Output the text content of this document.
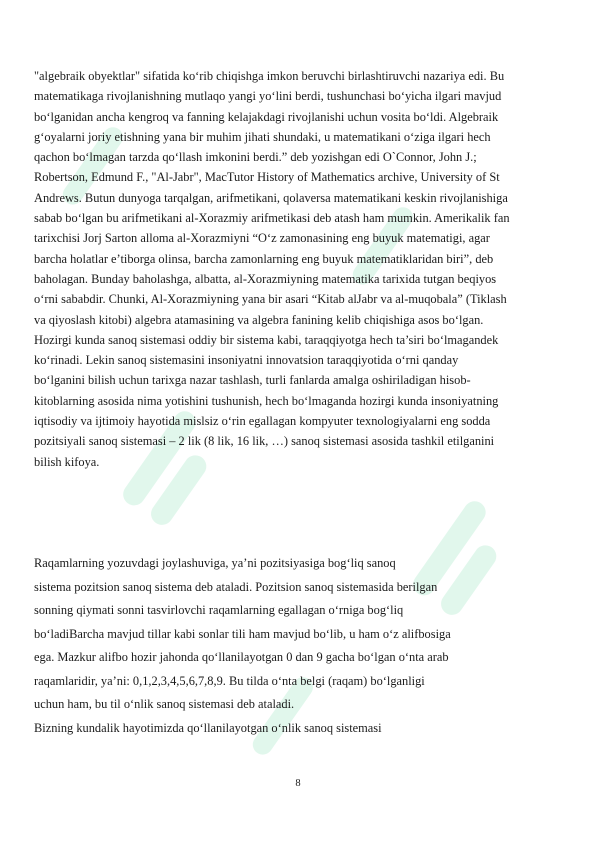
"algebraik obyektlar" sifatida ko‘rib chiqishga imkon beruvchi birlashtiruvchi nazariya edi. Bu
matematikaga rivojlanishning mutlaqo yangi yo‘lini berdi, tushunchasi bo‘yicha ilgari mavjud
bo‘lganidan ancha kengroq va fanning kelajakdagi rivojlanishi uchun vosita bo‘ldi. Algebraik
g‘oyalarni joriy etishning yana bir muhim jihati shundaki, u matematikani o‘ziga ilgari hech
qachon bo‘lmagan tarzda qo‘llash imkonini berdi.” deb yozishgan edi O`Connor, John J.;
Robertson, Edmund F., "Al-Jabr", MacTutor History of Mathematics archive, University of St
Andrews. Butun dunyoga tarqalgan, arifmetikani, qolaversa matematikani keskin rivojlanishiga
sabab bo‘lgan bu arifmetikani al-Xorazmiy arifmetikasi deb atash ham mumkin. Amerikalik fan
tarixchisi Jorj Sarton alloma al-Xorazmiyni “O‘z zamonasining eng buyuk matematigi, agar
barcha holatlar e’tiborga olinsa, barcha zamonlarning eng buyuk matematiklaridan biri”, deb
baholagan. Bunday baholashga, albatta, al-Xorazmiyning matematika tarixida tutgan beqiyos
o‘rni sababdir. Chunki, Al-Xorazmiyning yana bir asari “Kitab alJabr va al-muqobala” (Tiklash
va qiyoslash kitobi) algebra atamasining va algebra fanining kelib chiqishiga asos bo‘lgan.
Hozirgi kunda sanoq sistemasi oddiy bir sistema kabi, taraqqiyotga hech ta’siri bo‘lmagandek
ko‘rinadi. Lekin sanoq sistemasini insoniyatni innovatsion taraqqiyotida o‘rni qanday
bo‘lganini bilish uchun tarixga nazar tashlash, turli fanlarda amalga oshiriladigan hisob-
kitoblarning asosida nima yotishini tushunish, hech bo‘lmaganda hozirgi kunda insoniyatning
iqtisodiy va ijtimoiy hayotida mislsiz o‘rin egallagan kompyuter texnologiyalarni eng sodda
pozitsiyali sanoq sistemasi – 2 lik (8 lik, 16 lik, …) sanoq sistemasi asosida tashkil etilganini
bilish kifoya.
Raqamlarning yozuvdagi joylashuviga, ya’ni pozitsiyasiga bog‘liq sanoq
sistema pozitsion sanoq sistema deb ataladi. Pozitsion sanoq sistemasida berilgan
sonning qiymati sonni tasvirlovchi raqamlarning egallagan o‘rniga bog‘liq
bo‘ladiBarcha mavjud tillar kabi sonlar tili ham mavjud bo‘lib, u ham o‘z alifbosiga
ega. Mazkur alifbo hozir jahonda qo‘llanilayotgan 0 dan 9 gacha bo‘lgan o‘nta arab
raqamlaridir, ya’ni: 0,1,2,3,4,5,6,7,8,9. Bu tilda o‘nta belgi (raqam) bo‘lganligi
uchun ham, bu til o‘nlik sanoq sistemasi deb ataladi.
Bizning kundalik hayotimizda qo‘llanilayotgan o‘nlik sanoq sistemasi
8
